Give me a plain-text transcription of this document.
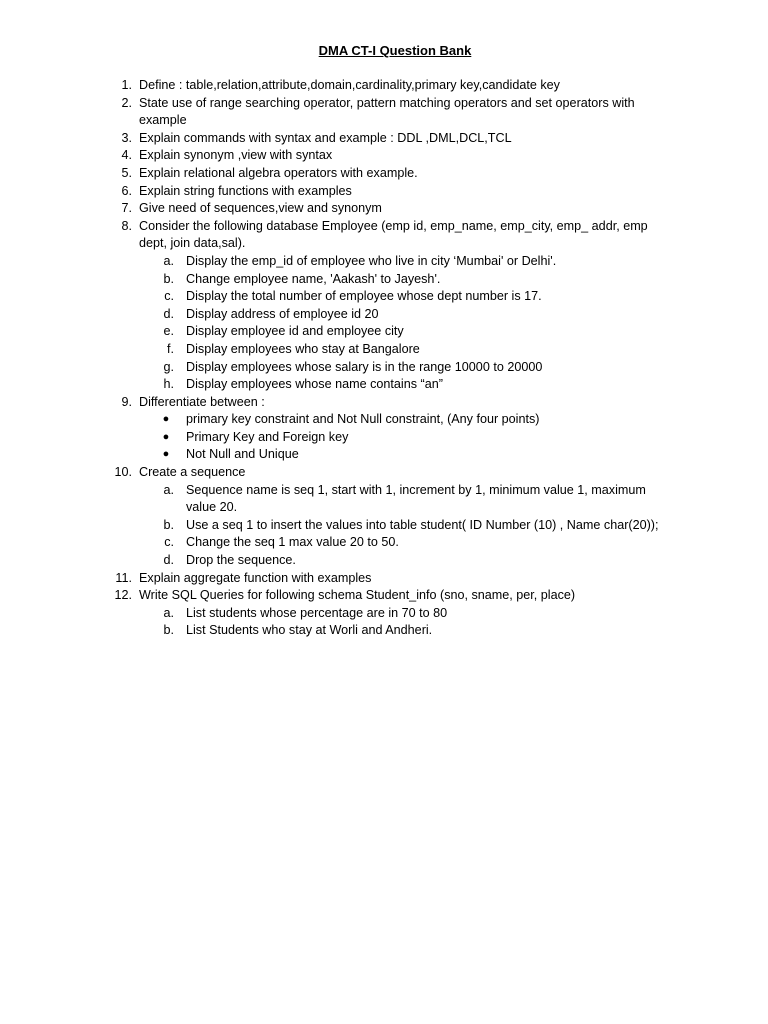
DMA CT-I Question Bank
1. Define : table,relation,attribute,domain,cardinality,primary key,candidate key
2. State use of range searching operator, pattern matching operators and set operators with
example
3. Explain commands with syntax and example : DDL ,DML,DCL,TCL
4. Explain synonym ,view with syntax
5. Explain relational algebra operators with example.
6. Explain string functions with examples
7. Give need of sequences,view and synonym
8. Consider the following database Employee (emp id, emp_name, emp_city, emp_ addr, emp
dept, join data,sal).
a. Display the emp_id of employee who live in city ‘Mumbai' or Delhi'.
b. Change employee name, 'Aakash' to Jayesh'.
c. Display the total number of employee whose dept number is 17.
d. Display address of employee id 20
e. Display employee id and employee city
f. Display employees who stay at Bangalore
g. Display employees whose salary is in the range 10000 to 20000
h. Display employees whose name contains “an”
9. Differentiate between :
● primary key constraint and Not Null constraint, (Any four points)
● Primary Key and Foreign key
● Not Null and Unique
10. Create a sequence
a. Sequence name is seq 1, start with 1, increment by 1, minimum value 1, maximum
value 20.
b. Use a seq 1 to insert the values into table student( ID Number (10) , Name char(20));
c. Change the seq 1 max value 20 to 50.
d. Drop the sequence.
11. Explain aggregate function with examples
12. Write SQL Queries for following schema Student_info (sno, sname, per, place)
a. List students whose percentage are in 70 to 80
b. List Students who stay at Worli and Andheri.
